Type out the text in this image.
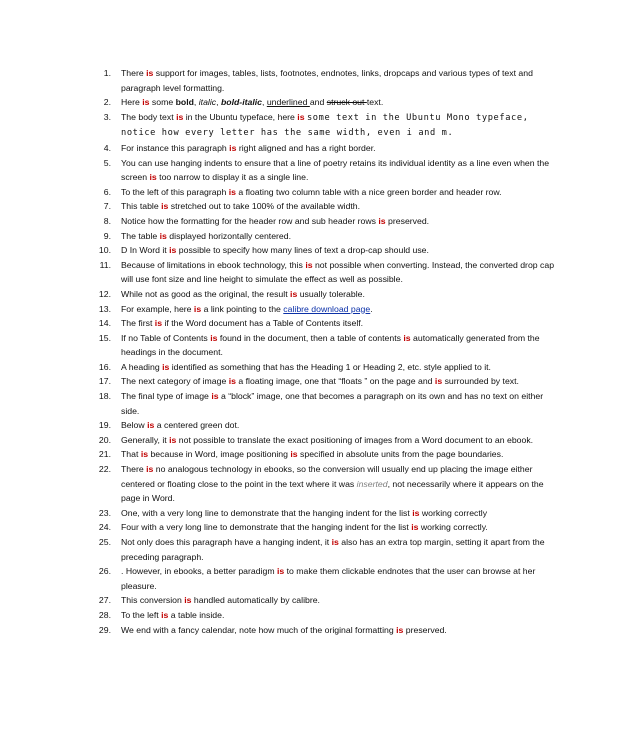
1. There is support for images, tables, lists, footnotes, endnotes, links, dropcaps and various types of text and paragraph level formatting.
2. Here is some bold, italic, bold-italic, underlined and struck out text.
3. The body text is in the Ubuntu typeface, here is some text in the Ubuntu Mono typeface, notice how every letter has the same width, even i and m.
4. For instance this paragraph is right aligned and has a right border.
5. You can use hanging indents to ensure that a line of poetry retains its individual identity as a line even when the screen is too narrow to display it as a single line.
6. To the left of this paragraph is a floating two column table with a nice green border and header row.
7. This table is stretched out to take 100% of the available width.
8. Notice how the formatting for the header row and sub header rows is preserved.
9. The table is displayed horizontally centered.
10. D In Word it is possible to specify how many lines of text a drop-cap should use.
11. Because of limitations in ebook technology, this is not possible when converting. Instead, the converted drop cap will use font size and line height to simulate the effect as well as possible.
12. While not as good as the original, the result is usually tolerable.
13. For example, here is a link pointing to the calibre download page.
14. The first is if the Word document has a Table of Contents itself.
15. If no Table of Contents is found in the document, then a table of contents is automatically generated from the headings in the document.
16. A heading is identified as something that has the Heading 1 or Heading 2, etc. style applied to it.
17. The next category of image is a floating image, one that “floats ” on the page and is surrounded by text.
18. The final type of image is a “block” image, one that becomes a paragraph on its own and has no text on either side.
19. Below is a centered green dot.
20. Generally, it is not possible to translate the exact positioning of images from a Word document to an ebook.
21. That is because in Word, image positioning is specified in absolute units from the page boundaries.
22. There is no analogous technology in ebooks, so the conversion will usually end up placing the image either centered or floating close to the point in the text where it was inserted, not necessarily where it appears on the page in Word.
23. One, with a very long line to demonstrate that the hanging indent for the list is working correctly
24. Four with a very long line to demonstrate that the hanging indent for the list is working correctly.
25. Not only does this paragraph have a hanging indent, it is also has an extra top margin, setting it apart from the preceding paragraph.
26. . However, in ebooks, a better paradigm is to make them clickable endnotes that the user can browse at her pleasure.
27. This conversion is handled automatically by calibre.
28. To the left is a table inside.
29. We end with a fancy calendar, note how much of the original formatting is preserved.
